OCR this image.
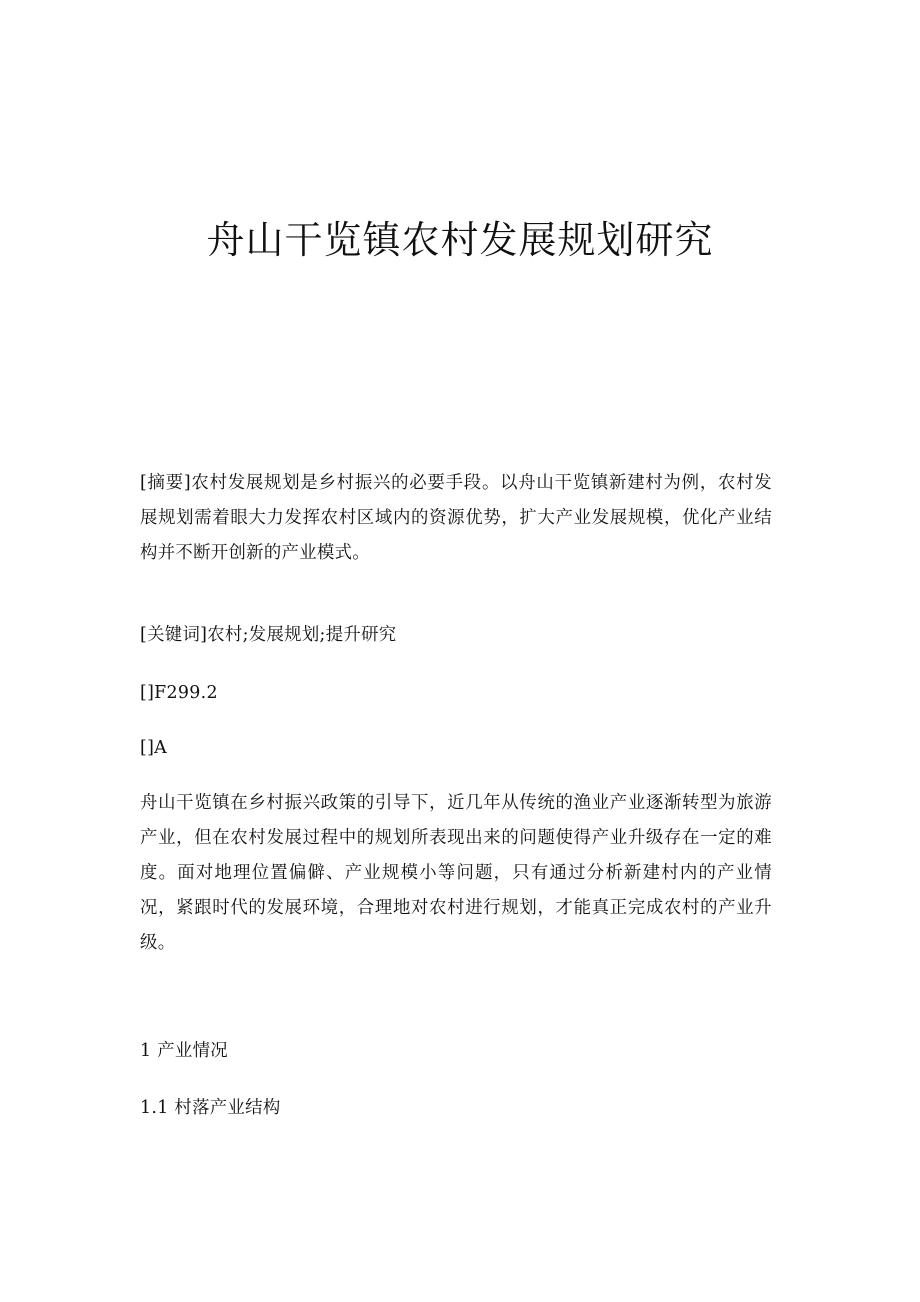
舟山干览镇农村发展规划研究

[摘要]农村发展规划是乡村振兴的必要手段。以舟山干览镇新建村为例，农村发展规划需着眼大力发挥农村区域内的资源优势，扩大产业发展规模，优化产业结构并不断开创新的产业模式。

[关键词]农村;发展规划;提升研究

[]F299.2

[]A

舟山干览镇在乡村振兴政策的引导下，近几年从传统的渔业产业逐渐转型为旅游产业，但在农村发展过程中的规划所表现出来的问题使得产业升级存在一定的难度。面对地理位置偏僻、产业规模小等问题，只有通过分析新建村内的产业情况，紧跟时代的发展环境，合理地对农村进行规划，才能真正完成农村的产业升级。

1 产业情况

1.1 村落产业结构
